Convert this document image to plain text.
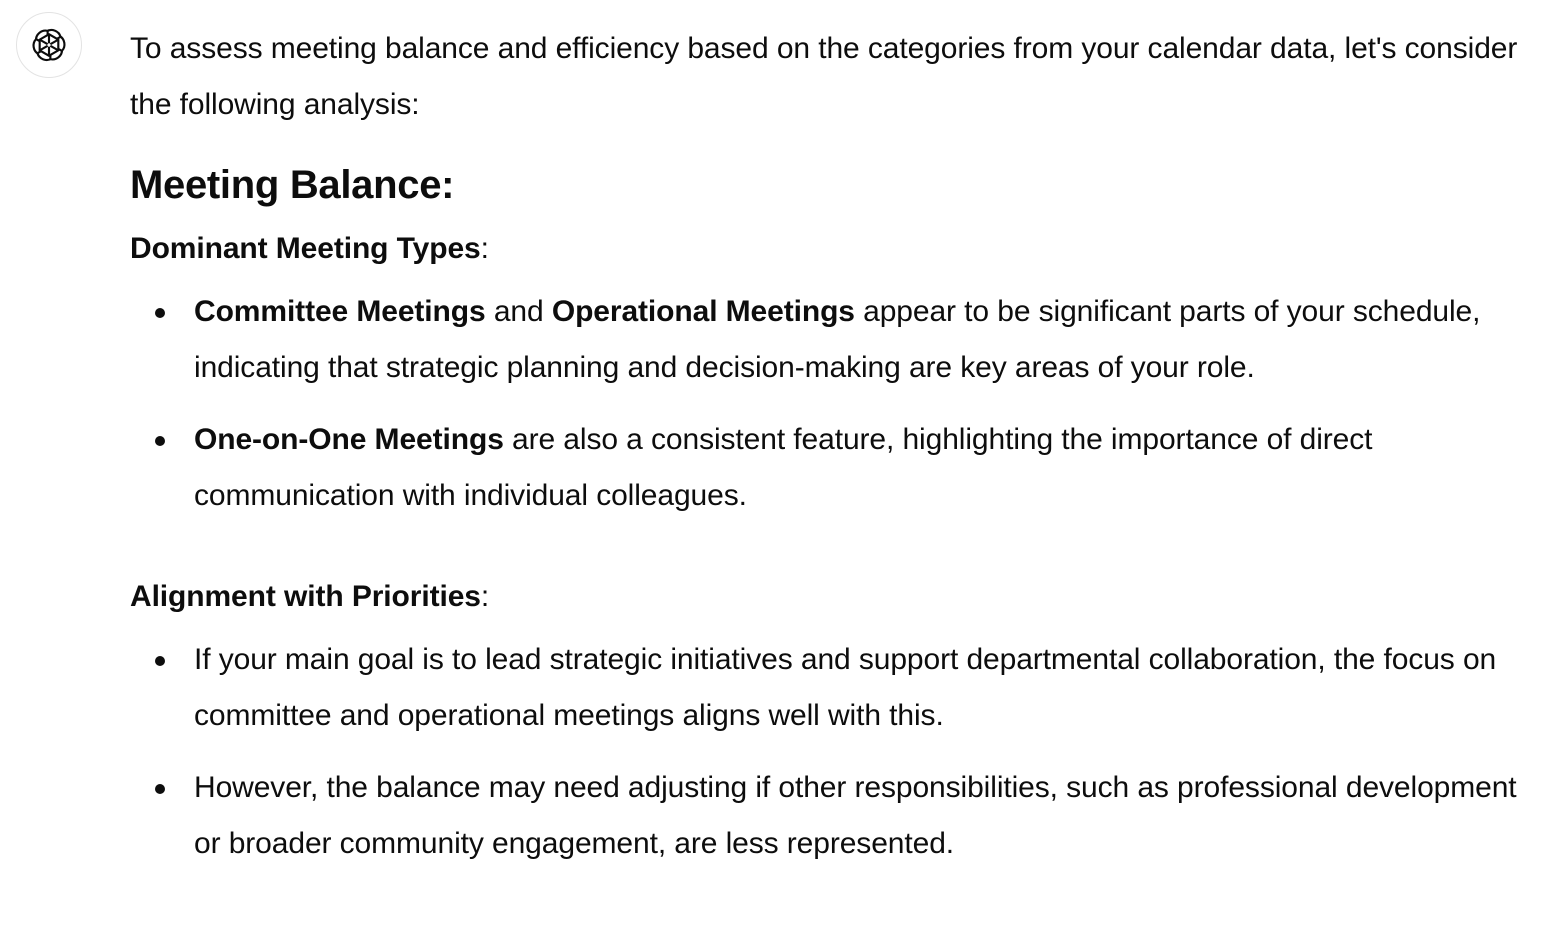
To assess meeting balance and efficiency based on the categories from your calendar data, let's consider the following analysis:

Meeting Balance:

Dominant Meeting Types:

Committee Meetings and Operational Meetings appear to be significant parts of your schedule, indicating that strategic planning and decision-making are key areas of your role.
One-on-One Meetings are also a consistent feature, highlighting the importance of direct communication with individual colleagues.

Alignment with Priorities:

If your main goal is to lead strategic initiatives and support departmental collaboration, the focus on committee and operational meetings aligns well with this.
However, the balance may need adjusting if other responsibilities, such as professional development or broader community engagement, are less represented.
